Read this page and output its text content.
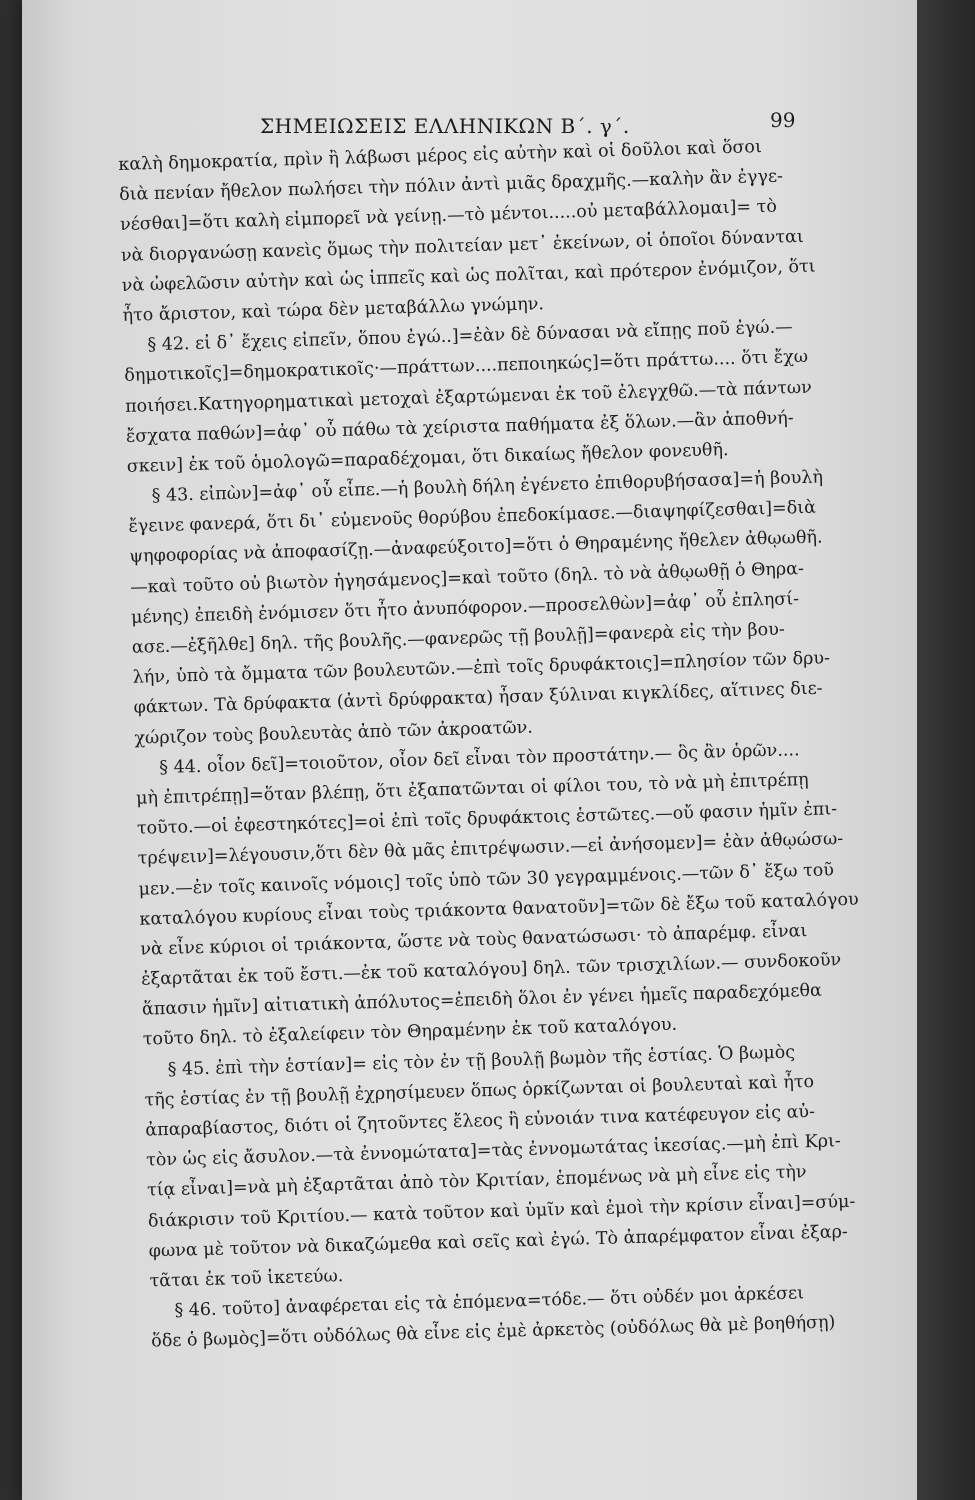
ΣΗΜΕΙΩΣΕΙΣ ΕΛΛΗΝΙΚΩΝ Β΄. γ΄.	99
καλὴ δημοκρατία, πρὶν ἢ λάβωσι μέρος εἰς αὐτὴν καὶ οἱ δοῦλοι καὶ ὅσοι
διὰ πενίαν ἤθελον πωλήσει τὴν πόλιν ἀντὶ μιᾶς δραχμῆς.—καλὴν ἂν ἐγγε-
νέσθαι]=ὅτι καλὴ εἰμπορεῖ νὰ γείνῃ.—τὸ μέντοι.....οὐ μεταβάλλομαι]= τὸ
νὰ διοργανώσῃ κανεὶς ὅμως τὴν πολιτείαν μετ᾽ ἐκείνων, οἱ ὁποῖοι δύνανται
νὰ ὠφελῶσιν αὐτὴν καὶ ὡς ἱππεῖς καὶ ὡς πολῖται, καὶ πρότερον ἐνόμιζον, ὅτι
ἦτο ἄριστον, καὶ τώρα δὲν μεταβάλλω γνώμην.
§ 42. εἰ δ᾽ ἔχεις εἰπεῖν, ὅπου ἐγώ..]=ἐὰν δὲ δύνασαι νὰ εἴπῃς ποῦ ἐγώ.—
δημοτικοῖς]=δημοκρατικοῖς·—πράττων....πεποιηκώς]=ὅτι πράττω.... ὅτι ἔχω
ποιήσει.Κατηγορηματικαὶ μετοχαὶ ἐξαρτώμεναι ἐκ τοῦ ἐλεγχθῶ.—τὰ πάντων
ἔσχατα παθών]=ἀφ᾽ οὗ πάθω τὰ χείριστα παθήματα ἐξ ὅλων.—ἂν ἀποθνή-
σκειν] ἐκ τοῦ ὁμολογῶ=παραδέχομαι, ὅτι δικαίως ἤθελον φονευθῆ.
§ 43. εἰπὼν]=ἀφ᾽ οὗ εἶπε.—ἡ βουλὴ δήλη ἐγένετο ἐπιθορυβήσασα]=ἡ βουλὴ
ἔγεινε φανερά, ὅτι δι᾽ εὐμενοῦς θορύβου ἐπεδοκίμασε.—διαψηφίζεσθαι]=διὰ
ψηφοφορίας νὰ ἀποφασίζῃ.—ἀναφεύξοιτο]=ὅτι ὁ Θηραμένης ἤθελεν ἀθῳωθῆ.
—καὶ τοῦτο οὐ βιωτὸν ἡγησάμενος]=καὶ τοῦτο (δηλ. τὸ νὰ ἀθῳωθῇ ὁ Θηρα-
μένης) ἐπειδὴ ἐνόμισεν ὅτι ἦτο ἀνυπόφορον.—προσελθὼν]=ἀφ᾽ οὗ ἐπλησί-
ασε.—ἐξῆλθε] δηλ. τῆς βουλῆς.—φανερῶς τῇ βουλῇ]=φανερὰ εἰς τὴν βου-
λήν, ὑπὸ τὰ ὄμματα τῶν βουλευτῶν.—ἐπὶ τοῖς δρυφάκτοις]=πλησίον τῶν δρυ-
φάκτων. Τὰ δρύφακτα (ἀντὶ δρύφρακτα) ἦσαν ξύλιναι κιγκλίδες, αἵτινες διε-
χώριζον τοὺς βουλευτὰς ἀπὸ τῶν ἀκροατῶν.
§ 44. οἷον δεῖ]=τοιοῦτον, οἷον δεῖ εἶναι τὸν προστάτην.— ὃς ἂν ὁρῶν....
μὴ ἐπιτρέπῃ]=ὅταν βλέπῃ, ὅτι ἐξαπατῶνται οἱ φίλοι του, τὸ νὰ μὴ ἐπιτρέπῃ
τοῦτο.—οἱ ἐφεστηκότες]=οἱ ἐπὶ τοῖς δρυφάκτοις ἑστῶτες.—οὔ φασιν ἡμῖν ἐπι-
τρέψειν]=λέγουσιν,ὅτι δὲν θὰ μᾶς ἐπιτρέψωσιν.—εἰ ἀνήσομεν]= ἐὰν ἀθῳώσω-
μεν.—ἐν τοῖς καινοῖς νόμοις] τοῖς ὑπὸ τῶν 30 γεγραμμένοις.—τῶν δ᾽ ἔξω τοῦ
καταλόγου κυρίους εἶναι τοὺς τριάκοντα θανατοῦν]=τῶν δὲ ἔξω τοῦ καταλόγου
νὰ εἶνε κύριοι οἱ τριάκοντα, ὥστε νὰ τοὺς θανατώσωσι· τὸ ἀπαρέμφ. εἶναι
ἐξαρτᾶται ἐκ τοῦ ἔστι.—ἐκ τοῦ καταλόγου] δηλ. τῶν τρισχιλίων.— συνδοκοῦν
ἅπασιν ἡμῖν] αἰτιατικὴ ἀπόλυτος=ἐπειδὴ ὅλοι ἐν γένει ἡμεῖς παραδεχόμεθα
τοῦτο δηλ. τὸ ἐξαλείφειν τὸν Θηραμένην ἐκ τοῦ καταλόγου.
§ 45. ἐπὶ τὴν ἑστίαν]= εἰς τὸν ἐν τῇ βουλῇ βωμὸν τῆς ἑστίας. Ὁ βωμὸς
τῆς ἑστίας ἐν τῇ βουλῇ ἐχρησίμευεν ὅπως ὁρκίζωνται οἱ βουλευταὶ καὶ ἦτο
ἀπαραβίαστος, διότι οἱ ζητοῦντες ἔλεος ἢ εὐνοιάν τινα κατέφευγον εἰς αὐ-
τὸν ὡς εἰς ἄσυλον.—τὰ ἐννομώτατα]=τὰς ἐννομωτάτας ἱκεσίας.—μὴ ἐπὶ Κρι-
τίᾳ εἶναι]=νὰ μὴ ἐξαρτᾶται ἀπὸ τὸν Κριτίαν, ἑπομένως νὰ μὴ εἶνε εἰς τὴν
διάκρισιν τοῦ Κριτίου.— κατὰ τοῦτον καὶ ὑμῖν καὶ ἐμοὶ τὴν κρίσιν εἶναι]=σύμ-
φωνα μὲ τοῦτον νὰ δικαζώμεθα καὶ σεῖς καὶ ἐγώ. Τὸ ἀπαρέμφατον εἶναι ἐξαρ-
τᾶται ἐκ τοῦ ἱκετεύω.
§ 46. τοῦτο] ἀναφέρεται εἰς τὰ ἑπόμενα=τόδε.— ὅτι οὐδέν μοι ἀρκέσει
ὅδε ὁ βωμὸς]=ὅτι οὐδόλως θὰ εἶνε εἰς ἐμὲ ἀρκετὸς (οὐδόλως θὰ μὲ βοηθήσῃ)
